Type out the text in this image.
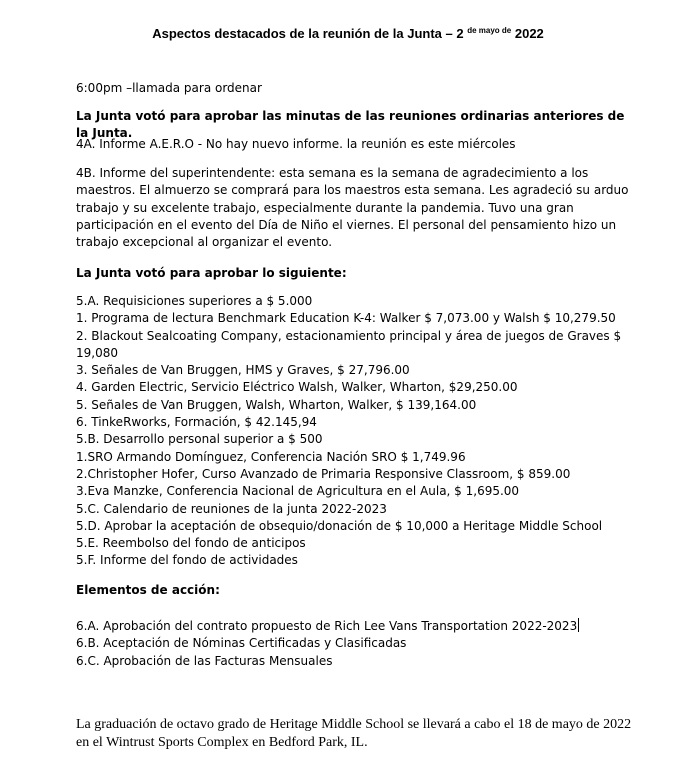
Aspectos destacados de la reunión de la Junta – 2 $^{de mayo de}$ 2022
6:00pm –llamada para ordenar
La Junta votó para aprobar las minutas de las reuniones ordinarias anteriores de la Junta.
4A. Informe A.E.R.O - No hay nuevo informe. la reunión es este miércoles
4B. Informe del superintendente: esta semana es la semana de agradecimiento a los maestros. El almuerzo se comprará para los maestros esta semana. Les agradeció su arduo trabajo y su excelente trabajo, especialmente durante la pandemia. Tuvo una gran participación en el evento del Día de Niño el viernes. El personal del pensamiento hizo un trabajo excepcional al organizar el evento.
La Junta votó para aprobar lo siguiente:
5.A. Requisiciones superiores a $ 5.000
1. Programa de lectura Benchmark Education K-4: Walker $ 7,073.00 y Walsh $ 10,279.50
2. Blackout Sealcoating Company, estacionamiento principal y área de juegos de Graves $ 19,080
3. Señales de Van Bruggen, HMS y Graves, $ 27,796.00
4. Garden Electric, Servicio Eléctrico Walsh, Walker, Wharton, $29,250.00
5. Señales de Van Bruggen, Walsh, Wharton, Walker, $ 139,164.00
6. TinkeRworks, Formación, $ 42.145,94
5.B. Desarrollo personal superior a $ 500
1.SRO Armando Domínguez, Conferencia Nación SRO $ 1,749.96
2.Christopher Hofer, Curso Avanzado de Primaria Responsive Classroom, $ 859.00
3.Eva Manzke, Conferencia Nacional de Agricultura en el Aula, $ 1,695.00
5.C. Calendario de reuniones de la junta 2022-2023
5.D. Aprobar la aceptación de obsequio/donación de $ 10,000 a Heritage Middle School
5.E. Reembolso del fondo de anticipos
5.F. Informe del fondo de actividades
Elementos de acción:
6.A. Aprobación del contrato propuesto de Rich Lee Vans Transportation 2022-2023
6.B. Aceptación de Nóminas Certificadas y Clasificadas
6.C. Aprobación de las Facturas Mensuales
La graduación de octavo grado de Heritage Middle School se llevará a cabo el 18 de mayo de 2022 en el Wintrust Sports Complex en Bedford Park, IL.
